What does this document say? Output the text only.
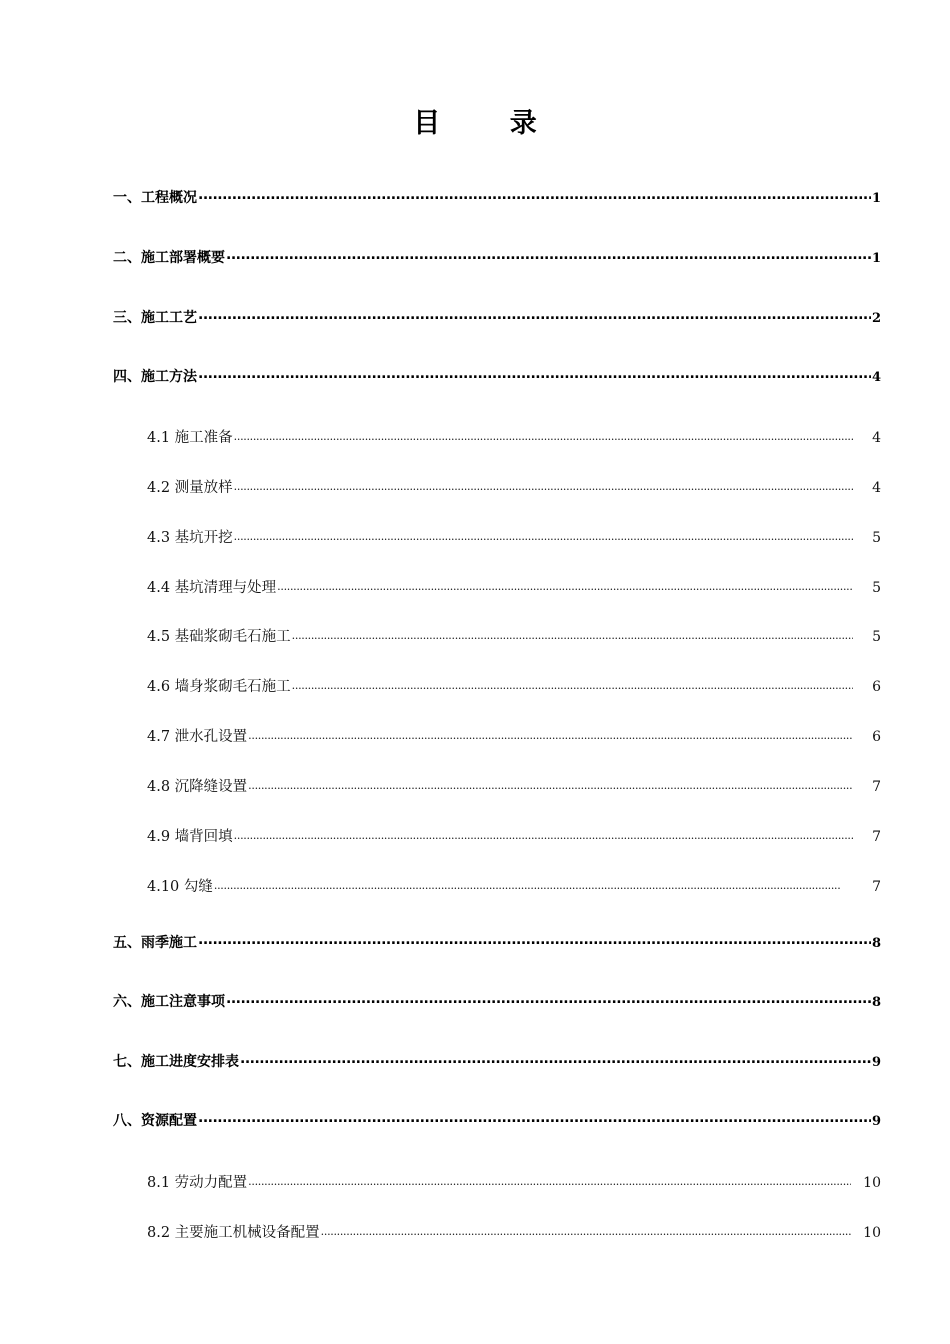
目 录
一、工程概况 .....	1
二、施工部署概要 .....	1
三、施工工艺 .....	2
四、施工方法 .....	4
4.1 施工准备 .....	4
4.2 测量放样 .....	4
4.3 基坑开挖 .....	5
4.4 基坑清理与处理 .....	5
4.5 基础浆砌毛石施工 .....	5
4.6 墙身浆砌毛石施工 .....	6
4.7 泄水孔设置 .....	6
4.8 沉降缝设置 .....	7
4.9 墙背回填 .....	7
4.10 勾缝 .....	7
五、雨季施工 .....	8
六、施工注意事项 .....	8
七、施工进度安排表 .....	9
八、资源配置 .....	9
8.1 劳动力配置 .....	10
8.2 主要施工机械设备配置 .....	10
